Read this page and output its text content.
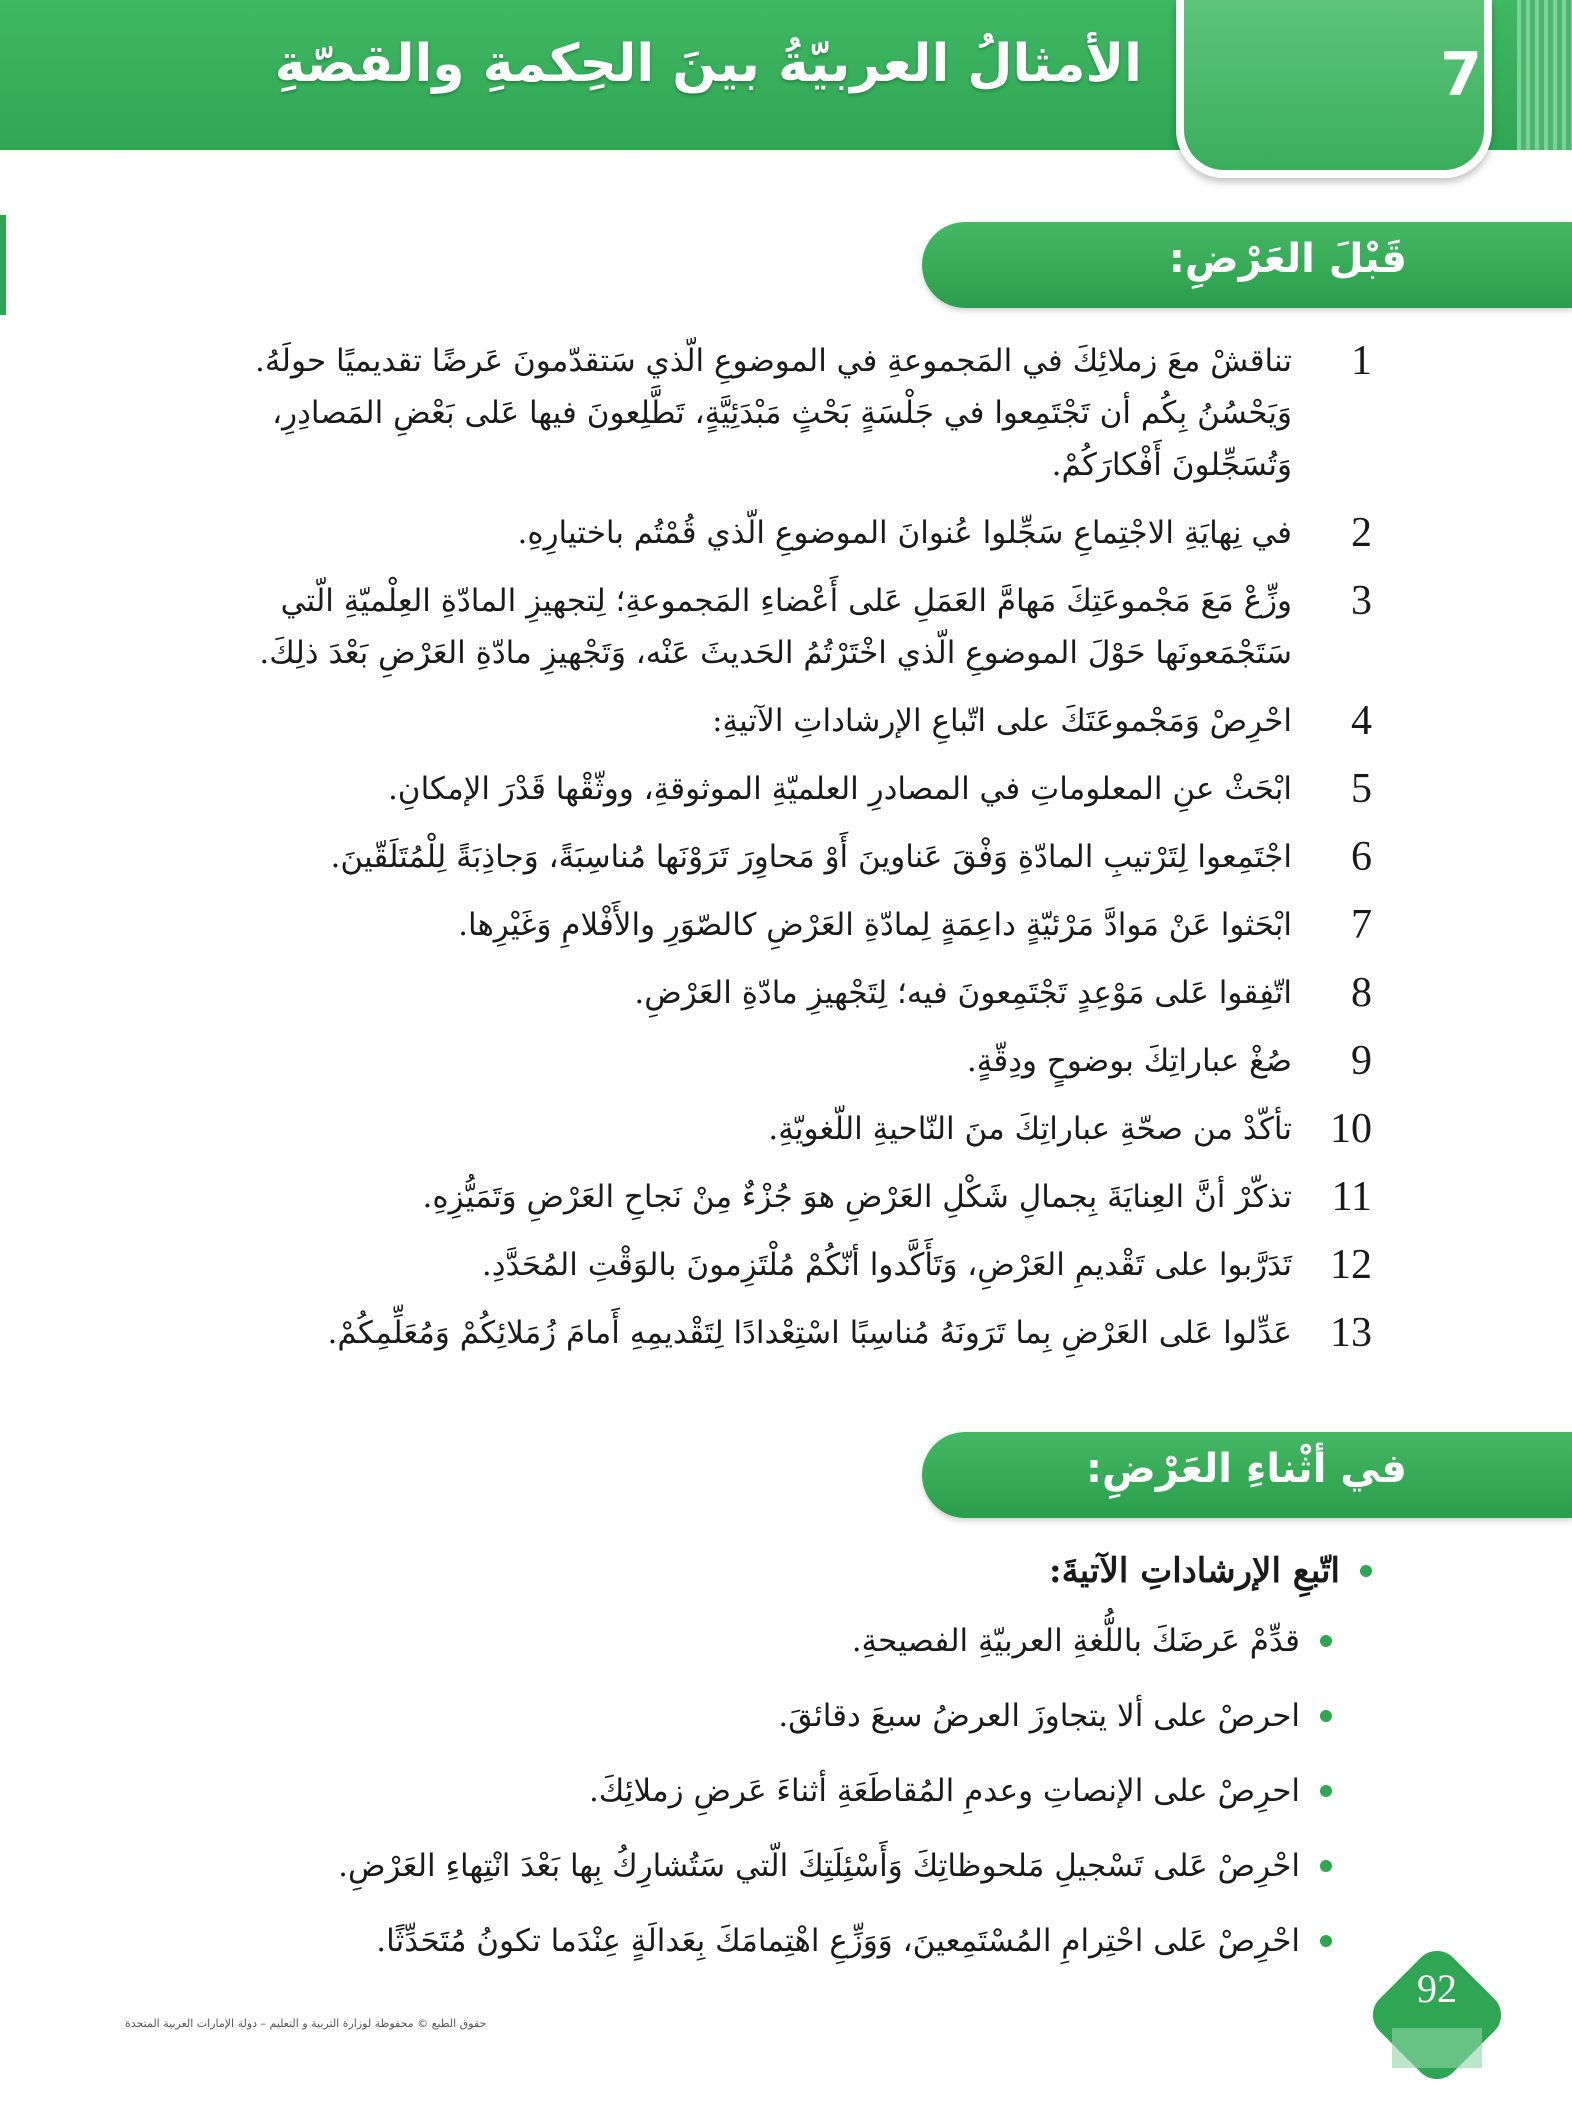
الأمثالُ العربيّةُ بينَ الحِكمةِ والقصّةِ	7
قَبْلَ العَرْضِ:
1
تناقشْ معَ زملائِكَ في المَجموعةِ في الموضوعِ الّذي سَتقدّمونَ عَرضًا تقديميًا حولَهُ. وَيَحْسُنُ بِكُم أن تَجْتَمِعوا في جَلْسَةٍ بَحْثٍ مَبْدَئِيَّةٍ، تَطَّلِعونَ فيها عَلى بَعْضِ المَصادِرِ، وَتُسَجِّلونَ أَفْكارَكُمْ.
2
في نِهايَةِ الاجْتِماعِ سَجِّلوا عُنوانَ الموضوعِ الّذي قُمْتُم باختيارِهِ.
3
وزِّعْ مَعَ مَجْموعَتِكَ مَهامَّ العَمَلِ عَلى أَعْضاءِ المَجموعةِ؛ لِتجهيزِ المادّةِ العِلْميّةِ الّتي سَتَجْمَعونَها حَوْلَ الموضوعِ الّذي اخْتَرْتُمُ الحَديثَ عَنْه، وَتَجْهيزِ مادّةِ العَرْضِ بَعْدَ ذلِكَ.
4
احْرِصْ وَمَجْموعَتَكَ على اتّباعِ الإرشاداتِ الآتيةِ:
5
ابْحَثْ عنِ المعلوماتِ في المصادرِ العلميّةِ الموثوقةِ، ووثّقْها قَدْرَ الإمكانِ.
6
اجْتَمِعوا لِتَرْتيبِ المادّةِ وَفْقَ عَناوينَ أَوْ مَحاوِرَ تَرَوْنَها مُناسِبَةً، وَجاذِبَةً لِلْمُتَلَقّينَ.
7
ابْحَثوا عَنْ مَوادَّ مَرْئيّةٍ داعِمَةٍ لِمادّةِ العَرْضِ كالصّوَرِ والأَفْلامِ وَغَيْرِها.
8
اتّفِقوا عَلى مَوْعِدٍ تَجْتَمِعونَ فيه؛ لِتَجْهيزِ مادّةِ العَرْضِ.
9
صُغْ عباراتِكَ بوضوحٍ ودِقّةٍ.
10
تأكّدْ من صحّةِ عباراتِكَ منَ النّاحيةِ اللّغويّةِ.
11
تذكّرْ أنَّ العِنايَةَ بِجمالِ شَكْلِ العَرْضِ هوَ جُزْءٌ مِنْ نَجاحِ العَرْضِ وَتَمَيُّزِهِ.
12
تَدَرَّبوا على تَقْديمِ العَرْضِ، وَتَأَكَّدوا أنّكُمْ مُلْتَزِمونَ بالوَقْتِ المُحَدَّدِ.
13
عَدِّلوا عَلى العَرْضِ بِما تَرَونَهُ مُناسِبًا اسْتِعْدادًا لِتَقْديمِهِ أَمامَ زُمَلائِكُمْ وَمُعَلِّمِكُمْ.
في أثْناءِ العَرْضِ:
اتّبعِ الإرشاداتِ الآتيةَ:
قدِّمْ عَرضَكَ باللُّغةِ العربيّةِ الفصيحةِ.
احرصْ على ألا يتجاوزَ العرضُ سبعَ دقائقَ.
احرِصْ على الإنصاتِ وعدمِ المُقاطَعَةِ أثناءَ عَرضِ زملائِكَ.
احْرِصْ عَلى تَسْجيلِ مَلحوظاتِكَ وَأَسْئِلَتِكَ الّتي سَتُشارِكُ بِها بَعْدَ انْتِهاءِ العَرْضِ.
احْرِصْ عَلى احْتِرامِ المُسْتَمِعينَ، وَوَزِّعِ اهْتِمامَكَ بِعَدالَةٍ عِنْدَما تكونُ مُتَحَدِّثًا.
حقوق الطبع © محفوظة لوزارة التربية و التعليم – دولة الإمارات العربية المتحدة
92
